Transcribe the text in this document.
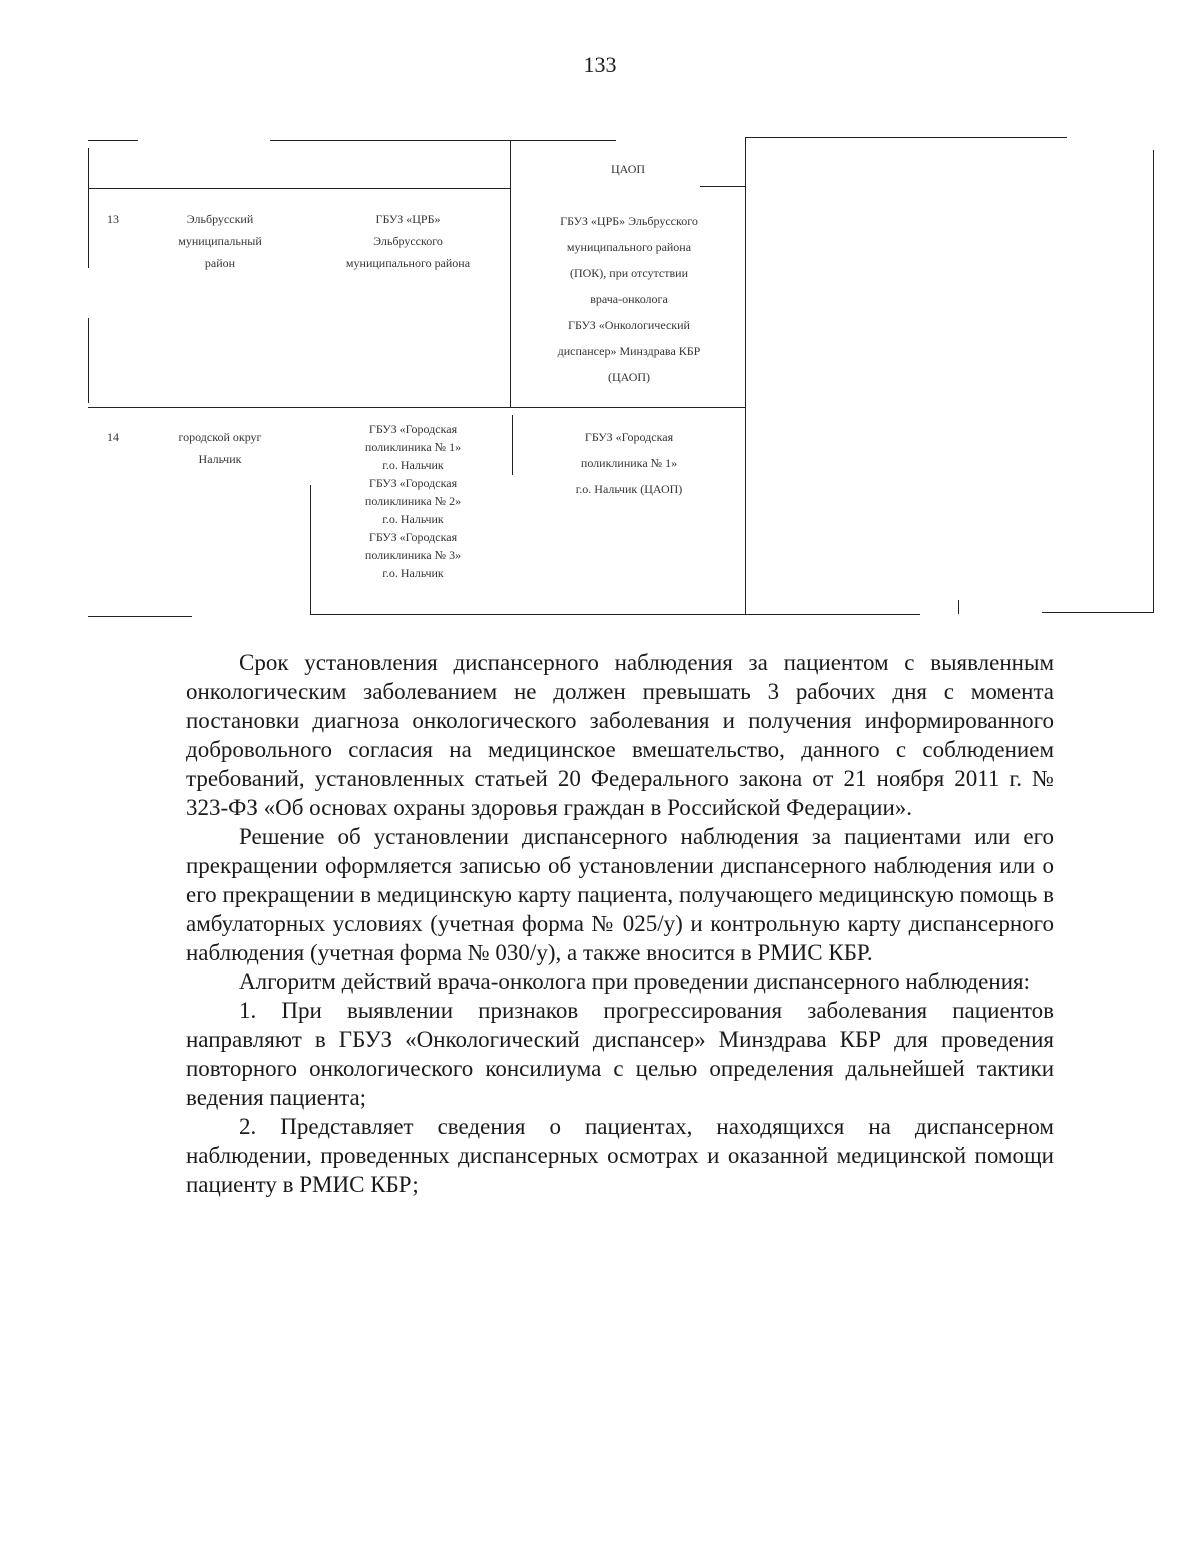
133
ЦАОП
13	Эльбрусский
муниципальный
район
ГБУЗ «ЦРБ»
Эльбрусского
муниципального района
ГБУЗ «ЦРБ» Эльбрусского
муниципального района
(ПОК), при отсутствии
врача-онколога
ГБУЗ «Онкологический
диспансер» Минздрава КБР
(ЦАОП)
14	городской округ
Нальчик
ГБУЗ «Городская
поликлиника № 1»
г.о. Нальчик
ГБУЗ «Городская
поликлиника № 2»
г.о. Нальчик
ГБУЗ «Городская
поликлиника № 3»
г.о. Нальчик
ГБУЗ «Городская
поликлиника № 1»
г.о. Нальчик (ЦАОП)

Срок установления диспансерного наблюдения за пациентом с выявленным онкологическим заболеванием не должен превышать 3 рабочих дня с момента постановки диагноза онкологического заболевания и получения информированного добровольного согласия на медицинское вмешательство, данного с соблюдением требований, установленных статьей 20 Федерального закона от 21 ноября 2011 г. № 323-ФЗ «Об основах охраны здоровья граждан в Российской Федерации».

Решение об установлении диспансерного наблюдения за пациентами или его прекращении оформляется записью об установлении диспансерного наблюдения или о его прекращении в медицинскую карту пациента, получающего медицинскую помощь в амбулаторных условиях (учетная форма № 025/у) и контрольную карту диспансерного наблюдения (учетная форма № 030/у), а также вносится в РМИС КБР.

Алгоритм действий врача-онколога при проведении диспансерного наблюдения:

1. При выявлении признаков прогрессирования заболевания пациентов направляют в ГБУЗ «Онкологический диспансер» Минздрава КБР для проведения повторного онкологического консилиума с целью определения дальнейшей тактики ведения пациента;

2. Представляет сведения о пациентах, находящихся на диспансерном наблюдении, проведенных диспансерных осмотрах и оказанной медицинской помощи пациенту в РМИС КБР;
